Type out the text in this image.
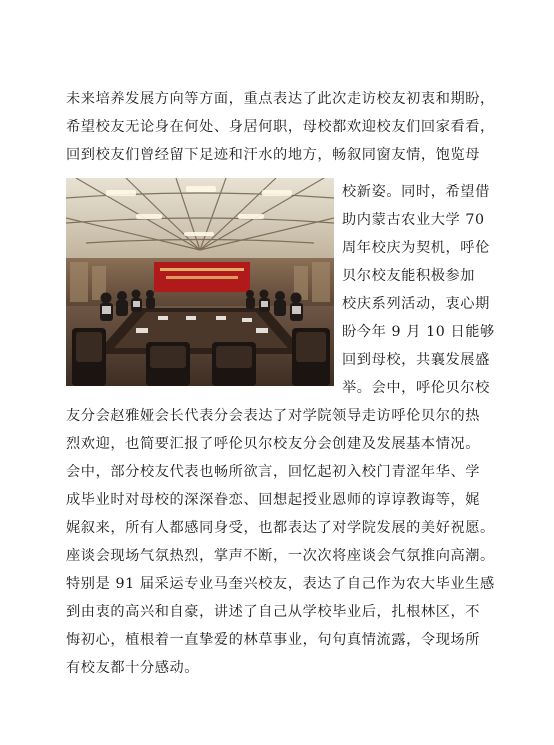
未来培养发展方向等方面，重点表达了此次走访校友初衷和期盼，
希望校友无论身在何处、身居何职，母校都欢迎校友们回家看看，
回到校友们曾经留下足迹和汗水的地方，畅叙同窗友情，饱览母
校新姿。同时，希望借
助内蒙古农业大学 70
周年校庆为契机，呼伦
贝尔校友能积极参加
校庆系列活动，衷心期
盼今年 9 月 10 日能够
回到母校，共襄发展盛
举。会中，呼伦贝尔校
友分会赵雅娅会长代表分会表达了对学院领导走访呼伦贝尔的热
烈欢迎，也简要汇报了呼伦贝尔校友分会创建及发展基本情况。
会中，部分校友代表也畅所欲言，回忆起初入校门青涩年华、学
成毕业时对母校的深深眷恋、回想起授业恩师的谆谆教诲等，娓
娓叙来，所有人都感同身受，也都表达了对学院发展的美好祝愿。
座谈会现场气氛热烈，掌声不断，一次次将座谈会气氛推向高潮。
特别是 91 届采运专业马奎兴校友，表达了自己作为农大毕业生感
到由衷的高兴和自豪，讲述了自己从学校毕业后，扎根林区，不
悔初心，植根着一直挚爱的林草事业，句句真情流露，令现场所
有校友都十分感动。
